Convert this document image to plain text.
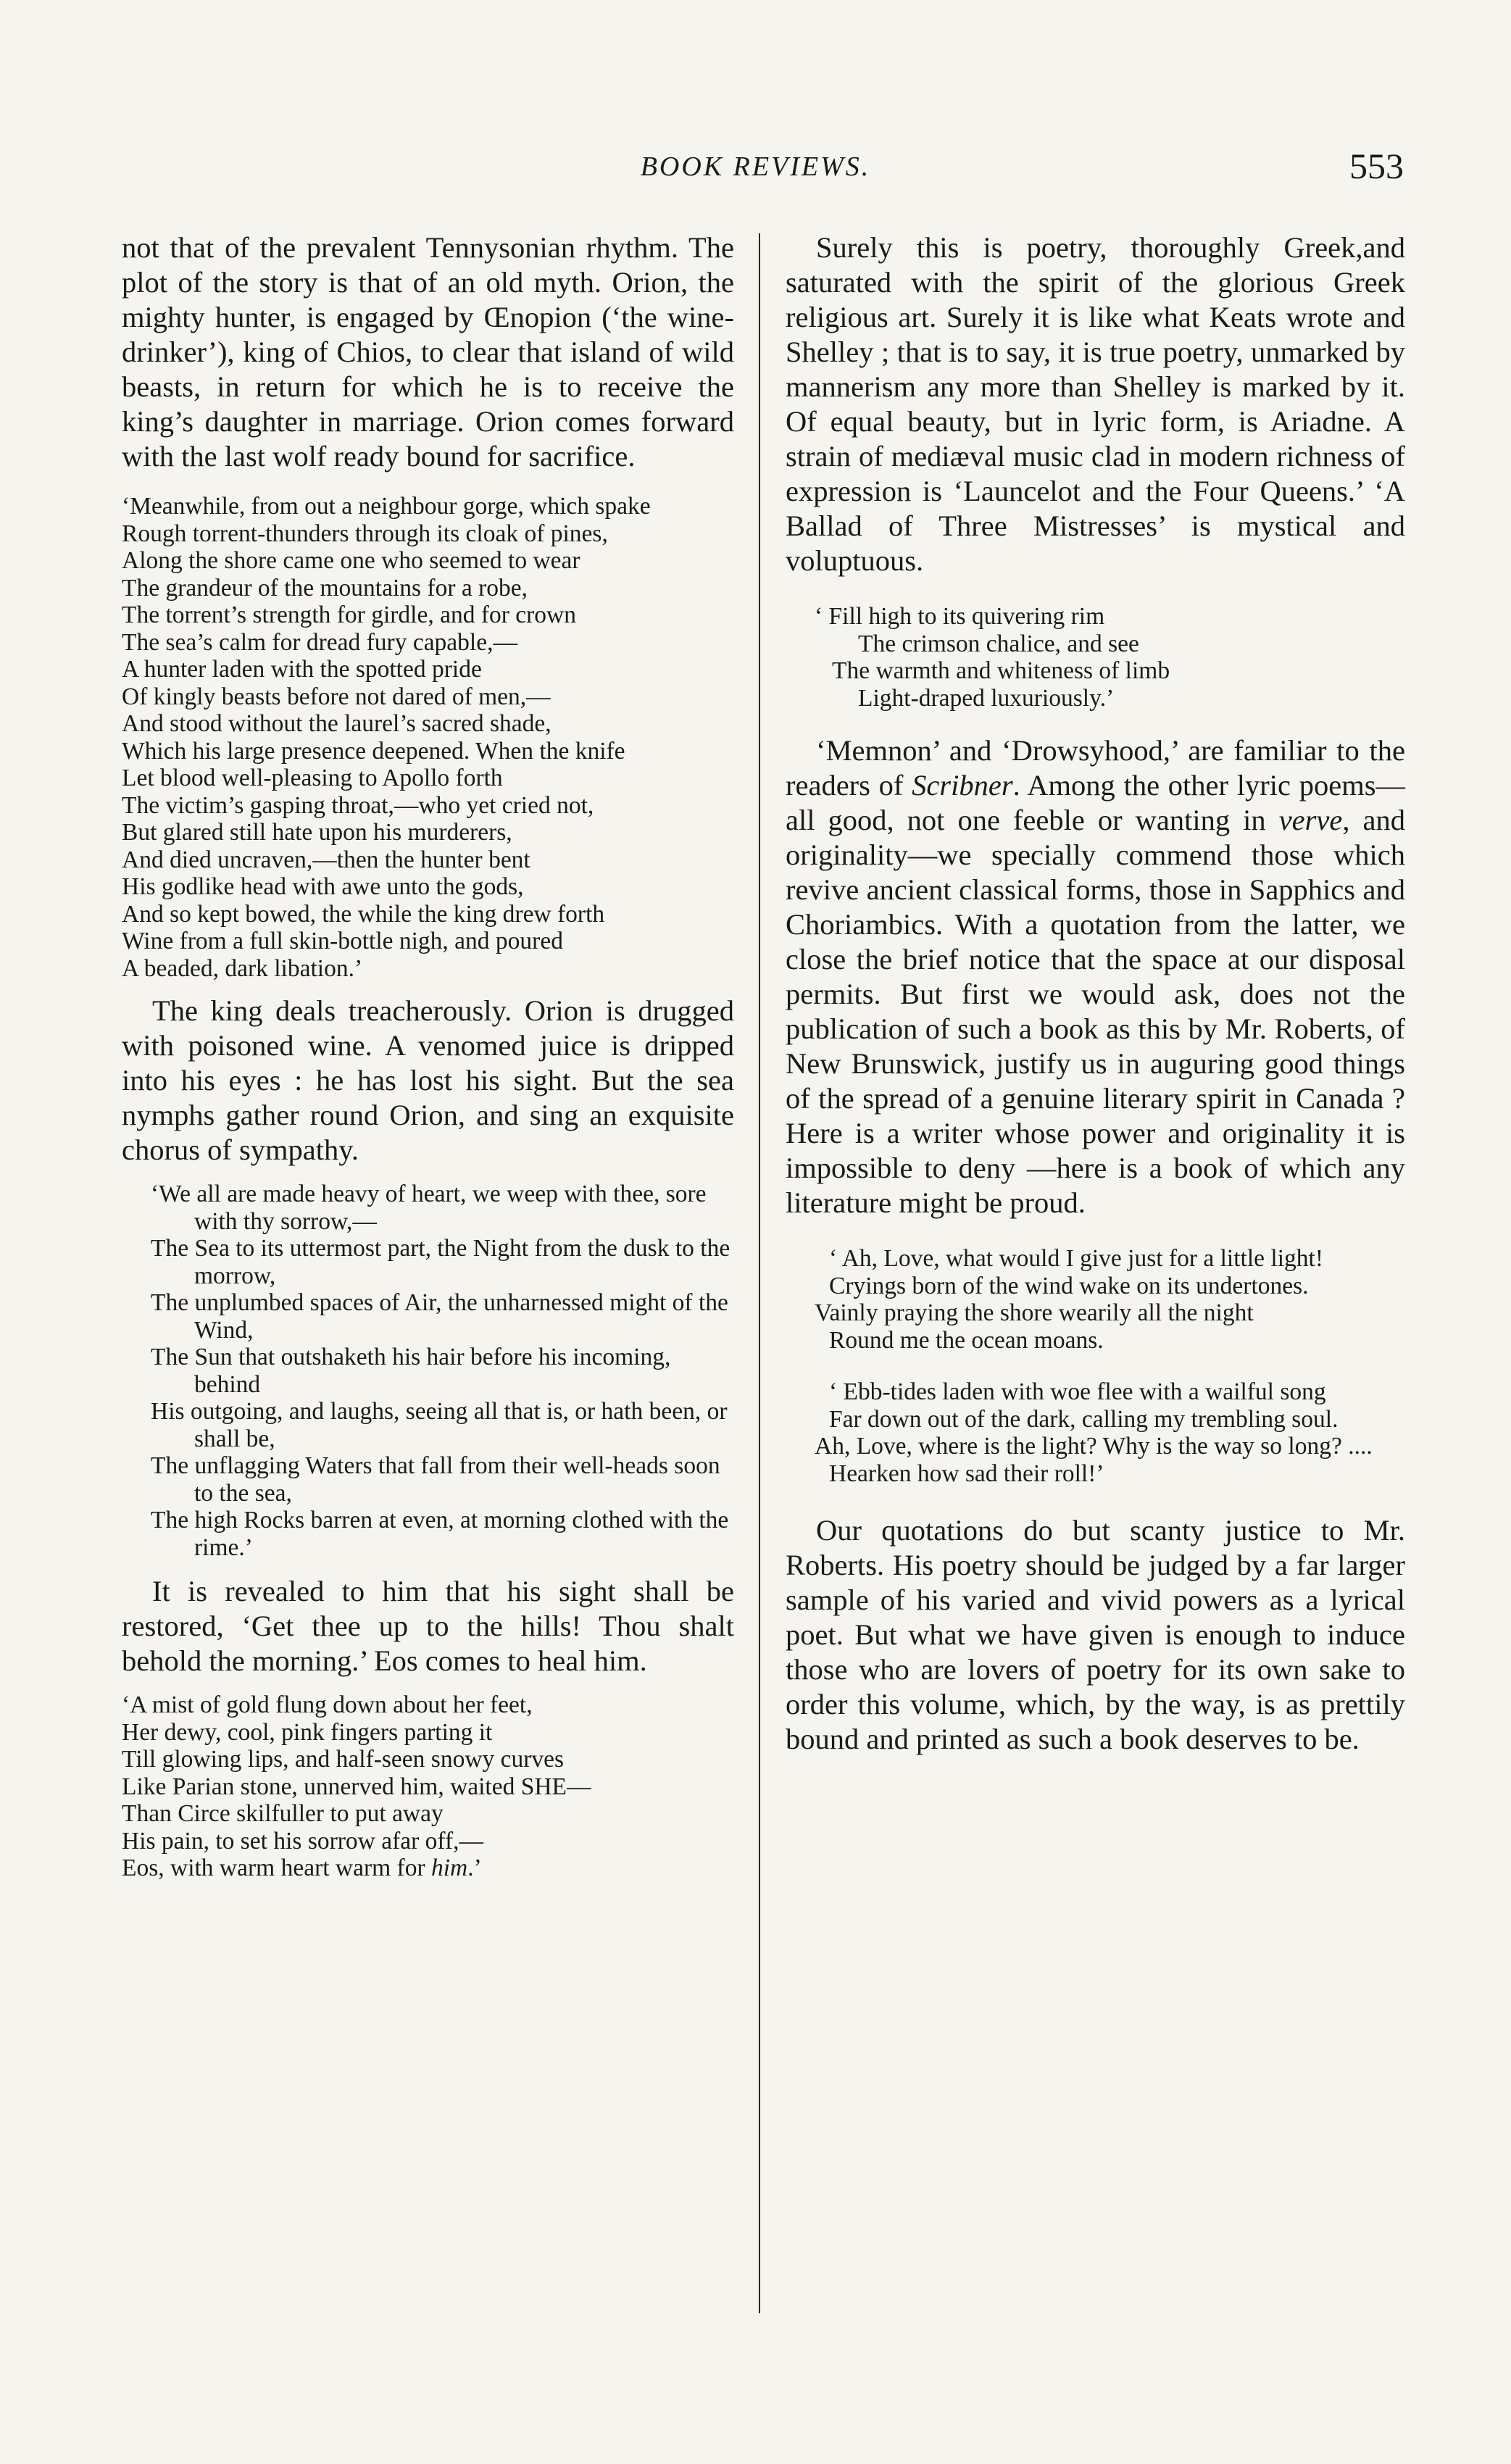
BOOK REVIEWS.	553

not that of the prevalent Tennysonian rhythm. The plot of the story is that of an old myth. Orion, the mighty hunter, is engaged by Œnopion (‘the wine-drinker’), king of Chios, to clear that island of wild beasts, in return for which he is to receive the king’s daughter in marriage. Orion comes forward with the last wolf ready bound for sacrifice.

‘Meanwhile, from out a neighbour gorge, which spake
Rough torrent-thunders through its cloak of pines,
Along the shore came one who seemed to wear
The grandeur of the mountains for a robe,
The torrent’s strength for girdle, and for crown
The sea’s calm for dread fury capable,—
A hunter laden with the spotted pride
Of kingly beasts before not dared of men,—
And stood without the laurel’s sacred shade,
Which his large presence deepened. When the knife
Let blood well-pleasing to Apollo forth
The victim’s gasping throat,—who yet cried not,
But glared still hate upon his murderers,
And died uncraven,—then the hunter bent
His godlike head with awe unto the gods,
And so kept bowed, the while the king drew forth
Wine from a full skin-bottle nigh, and poured
A beaded, dark libation.’

The king deals treacherously. Orion is drugged with poisoned wine. A venomed juice is dripped into his eyes : he has lost his sight. But the sea nymphs gather round Orion, and sing an exquisite chorus of sympathy.

‘We all are made heavy of heart, we weep with thee, sore with thy sorrow,—
The Sea to its uttermost part, the Night from the dusk to the morrow,
The unplumbed spaces of Air, the unharnessed might of the Wind,
The Sun that outshaketh his hair before his incoming, behind
His outgoing, and laughs, seeing all that is, or hath been, or shall be,
The unflagging Waters that fall from their well-heads soon to the sea,
The high Rocks barren at even, at morning clothed with the rime.’

It is revealed to him that his sight shall be restored, ‘Get thee up to the hills! Thou shalt behold the morning.’ Eos comes to heal him.

‘A mist of gold flung down about her feet,
Her dewy, cool, pink fingers parting it
Till glowing lips, and half-seen snowy curves
Like Parian stone, unnerved him, waited SHE—
Than Circe skilfuller to put away
His pain, to set his sorrow afar off,—
Eos, with warm heart warm for him.’

Surely this is poetry, thoroughly Greek,and saturated with the spirit of the glorious Greek religious art. Surely it is like what Keats wrote and Shelley ; that is to say, it is true poetry, unmarked by mannerism any more than Shelley is marked by it. Of equal beauty, but in lyric form, is Ariadne. A strain of mediæval music clad in modern richness of expression is ‘Launcelot and the Four Queens.’ ‘A Ballad of Three Mistresses’ is mystical and voluptuous.

‘ Fill high to its quivering rim
The crimson chalice, and see
The warmth and whiteness of limb
Light-draped luxuriously.’

‘Memnon’ and ‘Drowsyhood,’ are familiar to the readers of Scribner. Among the other lyric poems—all good, not one feeble or wanting in verve, and originality—we specially commend those which revive ancient classical forms, those in Sapphics and Choriambics. With a quotation from the latter, we close the brief notice that the space at our disposal permits. But first we would ask, does not the publication of such a book as this by Mr. Roberts, of New Brunswick, justify us in auguring good things of the spread of a genuine literary spirit in Canada ? Here is a writer whose power and originality it is impossible to deny —here is a book of which any literature might be proud.

‘ Ah, Love, what would I give just for a little light!
Cryings born of the wind wake on its undertones.
Vainly praying the shore wearily all the night
Round me the ocean moans.
‘ Ebb-tides laden with woe flee with a wailful song
Far down out of the dark, calling my trembling soul.
Ah, Love, where is the light? Why is the way so long? ....
Hearken how sad their roll!’

Our quotations do but scanty justice to Mr. Roberts. His poetry should be judged by a far larger sample of his varied and vivid powers as a lyrical poet. But what we have given is enough to induce those who are lovers of poetry for its own sake to order this volume, which, by the way, is as prettily bound and printed as such a book deserves to be.
